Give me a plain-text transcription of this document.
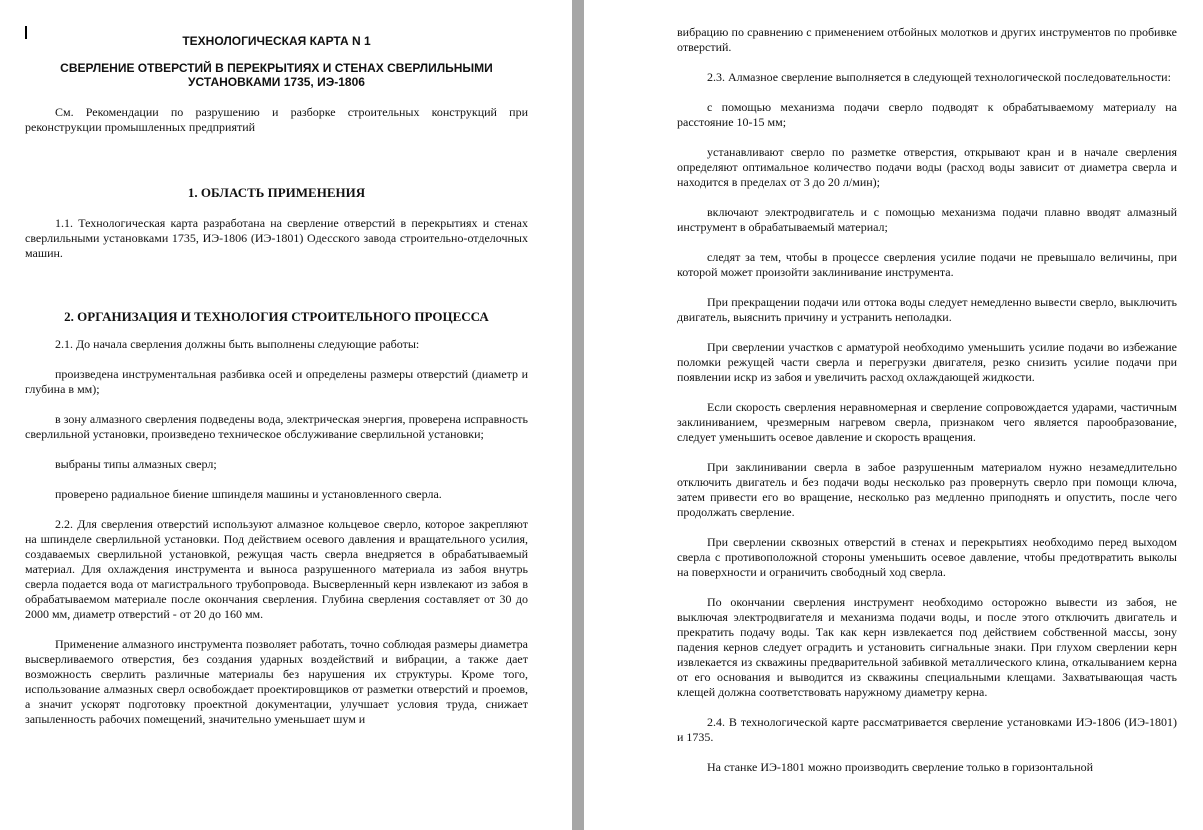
ТЕХНОЛОГИЧЕСКАЯ КАРТА N 1

СВЕРЛЕНИЕ ОТВЕРСТИЙ В ПЕРЕКРЫТИЯХ И СТЕНАХ СВЕРЛИЛЬНЫМИ УСТАНОВКАМИ 1735, ИЭ-1806

См. Рекомендации по разрушению и разборке строительных конструкций при реконструкции промышленных предприятий

1. ОБЛАСТЬ ПРИМЕНЕНИЯ

1.1. Технологическая карта разработана на сверление отверстий в перекрытиях и стенах сверлильными установками 1735, ИЭ-1806 (ИЭ-1801) Одесского завода строительно-отделочных машин.

2. ОРГАНИЗАЦИЯ И ТЕХНОЛОГИЯ СТРОИТЕЛЬНОГО ПРОЦЕССА

2.1. До начала сверления должны быть выполнены следующие работы:

произведена инструментальная разбивка осей и определены размеры отверстий (диаметр и глубина в мм);

в зону алмазного сверления подведены вода, электрическая энергия, проверена исправность сверлильной установки, произведено техническое обслуживание сверлильной установки;

выбраны типы алмазных сверл;

проверено радиальное биение шпинделя машины и установленного сверла.

2.2. Для сверления отверстий используют алмазное кольцевое сверло, которое закрепляют на шпинделе сверлильной установки. Под действием осевого давления и вращательного усилия, создаваемых сверлильной установкой, режущая часть сверла внедряется в обрабатываемый материал. Для охлаждения инструмента и выноса разрушенного материала из забоя внутрь сверла подается вода от магистрального трубопровода. Высверленный керн извлекают из забоя в обрабатываемом материале после окончания сверления. Глубина сверления составляет от 30 до 2000 мм, диаметр отверстий - от 20 до 160 мм.

Применение алмазного инструмента позволяет работать, точно соблюдая размеры диаметра высверливаемого отверстия, без создания ударных воздействий и вибрации, а также дает возможность сверлить различные материалы без нарушения их структуры. Кроме того, использование алмазных сверл освобождает проектировщиков от разметки отверстий и проемов, а значит ускорят подготовку проектной документации, улучшает условия труда, снижает запыленность рабочих помещений, значительно уменьшает шум и

вибрацию по сравнению с применением отбойных молотков и других инструментов по пробивке отверстий.

2.3. Алмазное сверление выполняется в следующей технологической последовательности:

с помощью механизма подачи сверло подводят к обрабатываемому материалу на расстояние 10-15 мм;

устанавливают сверло по разметке отверстия, открывают кран и в начале сверления определяют оптимальное количество подачи воды (расход воды зависит от диаметра сверла и находится в пределах от 3 до 20 л/мин);

включают электродвигатель и с помощью механизма подачи плавно вводят алмазный инструмент в обрабатываемый материал;

следят за тем, чтобы в процессе сверления усилие подачи не превышало величины, при которой может произойти заклинивание инструмента.

При прекращении подачи или оттока воды следует немедленно вывести сверло, выключить двигатель, выяснить причину и устранить неполадки.

При сверлении участков с арматурой необходимо уменьшить усилие подачи во избежание поломки режущей части сверла и перегрузки двигателя, резко снизить усилие подачи при появлении искр из забоя и увеличить расход охлаждающей жидкости.

Если скорость сверления неравномерная и сверление сопровождается ударами, частичным заклиниванием, чрезмерным нагревом сверла, признаком чего является парообразование, следует уменьшить осевое давление и скорость вращения.

При заклинивании сверла в забое разрушенным материалом нужно незамедлительно отключить двигатель и без подачи воды несколько раз провернуть сверло при помощи ключа, затем привести его во вращение, несколько раз медленно приподнять и опустить, после чего продолжать сверление.

При сверлении сквозных отверстий в стенах и перекрытиях необходимо перед выходом сверла с противоположной стороны уменьшить осевое давление, чтобы предотвратить выколы на поверхности и ограничить свободный ход сверла.

По окончании сверления инструмент необходимо осторожно вывести из забоя, не выключая электродвигателя и механизма подачи воды, и после этого отключить двигатель и прекратить подачу воды. Так как керн извлекается под действием собственной массы, зону падения кернов следует оградить и установить сигнальные знаки. При глухом сверлении керн извлекается из скважины предварительной забивкой металлического клина, откалыванием керна от его основания и выводится из скважины специальными клещами. Захватывающая часть клещей должна соответствовать наружному диаметру керна.

2.4. В технологической карте рассматривается сверление установками ИЭ-1806 (ИЭ-1801) и 1735.

На станке ИЭ-1801 можно производить сверление только в горизонтальной
